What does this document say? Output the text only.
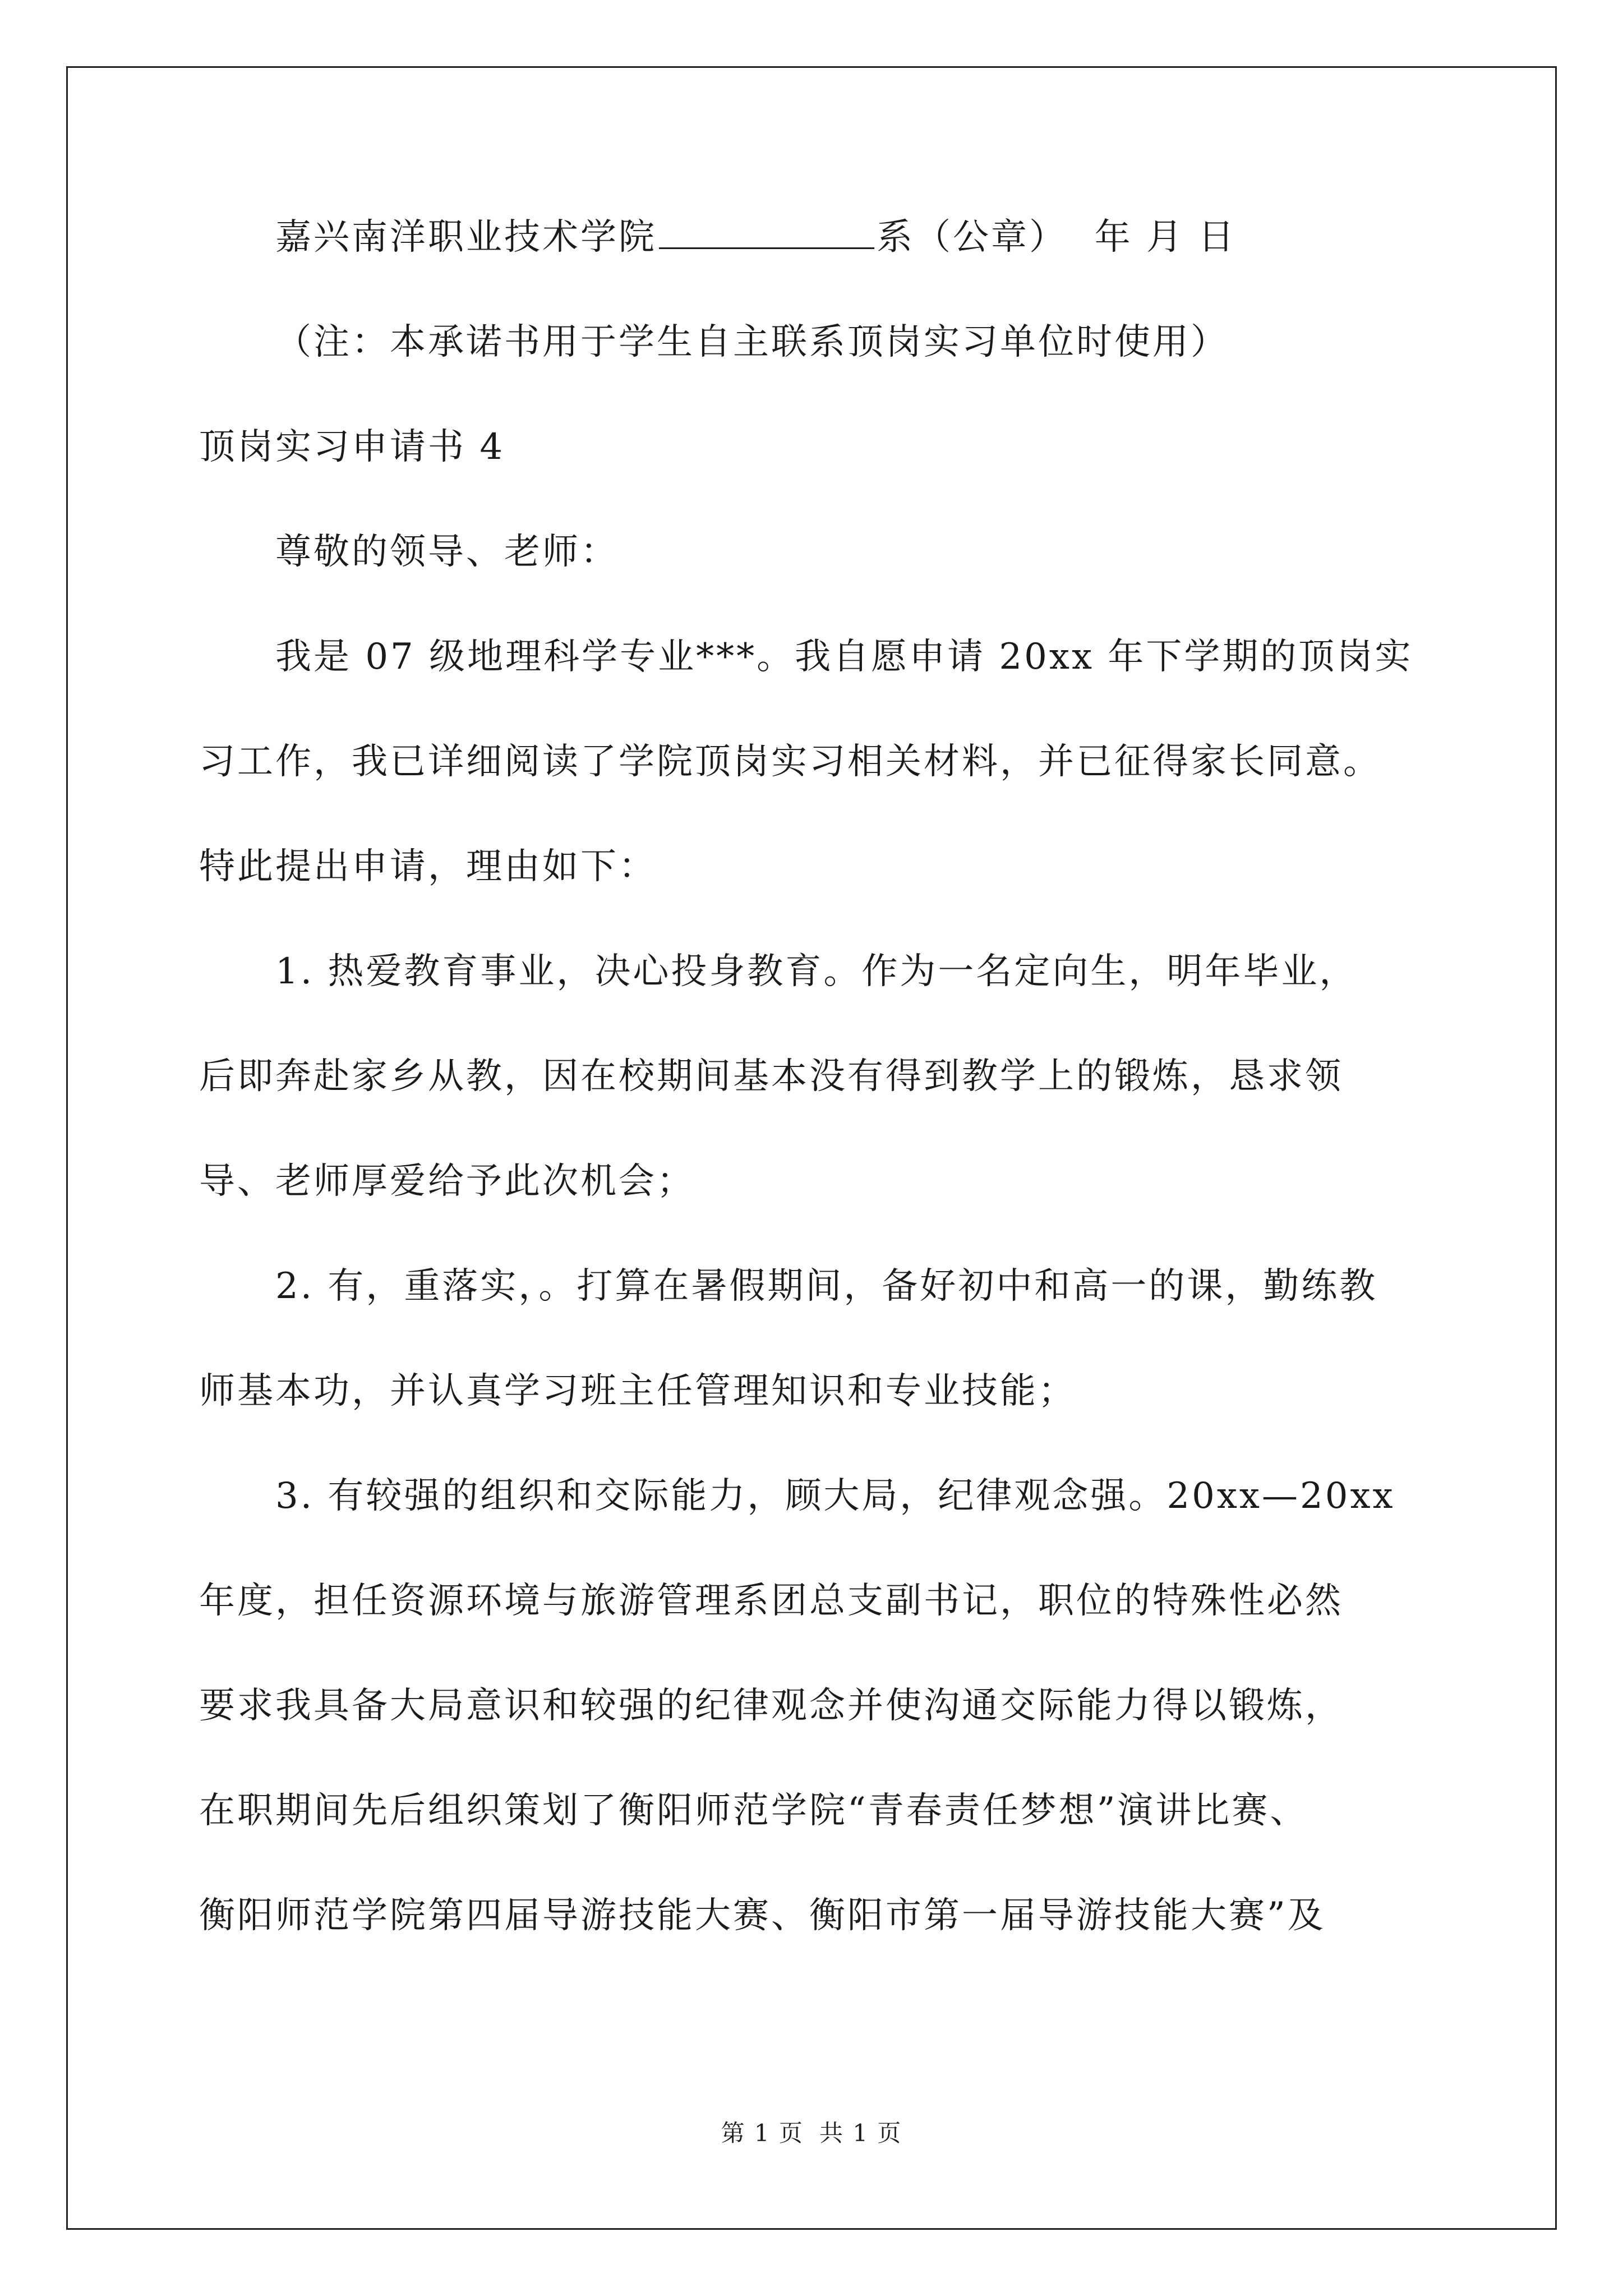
嘉兴南洋职业技术学院	系（公章） 年 月 日
（注：本承诺书用于学生自主联系顶岗实习单位时使用）
顶岗实习申请书 4
尊敬的领导、老师：
我是 07 级地理科学专业***。我自愿申请 20xx 年下学期的顶岗实
习工作，我已详细阅读了学院顶岗实习相关材料，并已征得家长同意。
特此提出申请，理由如下：
1. 热爱教育事业，决心投身教育。作为一名定向生，明年毕业，
后即奔赴家乡从教，因在校期间基本没有得到教学上的锻炼，恳求领
导、老师厚爱给予此次机会；
2. 有，重落实，。打算在暑假期间，备好初中和高一的课，勤练教
师基本功，并认真学习班主任管理知识和专业技能；
3. 有较强的组织和交际能力，顾大局，纪律观念强。20xx—20xx
年度，担任资源环境与旅游管理系团总支副书记，职位的特殊性必然
要求我具备大局意识和较强的纪律观念并使沟通交际能力得以锻炼，
在职期间先后组织策划了衡阳师范学院“青春责任梦想”演讲比赛、
衡阳师范学院第四届导游技能大赛、衡阳市第一届导游技能大赛”及
第 1 页 共 1 页
